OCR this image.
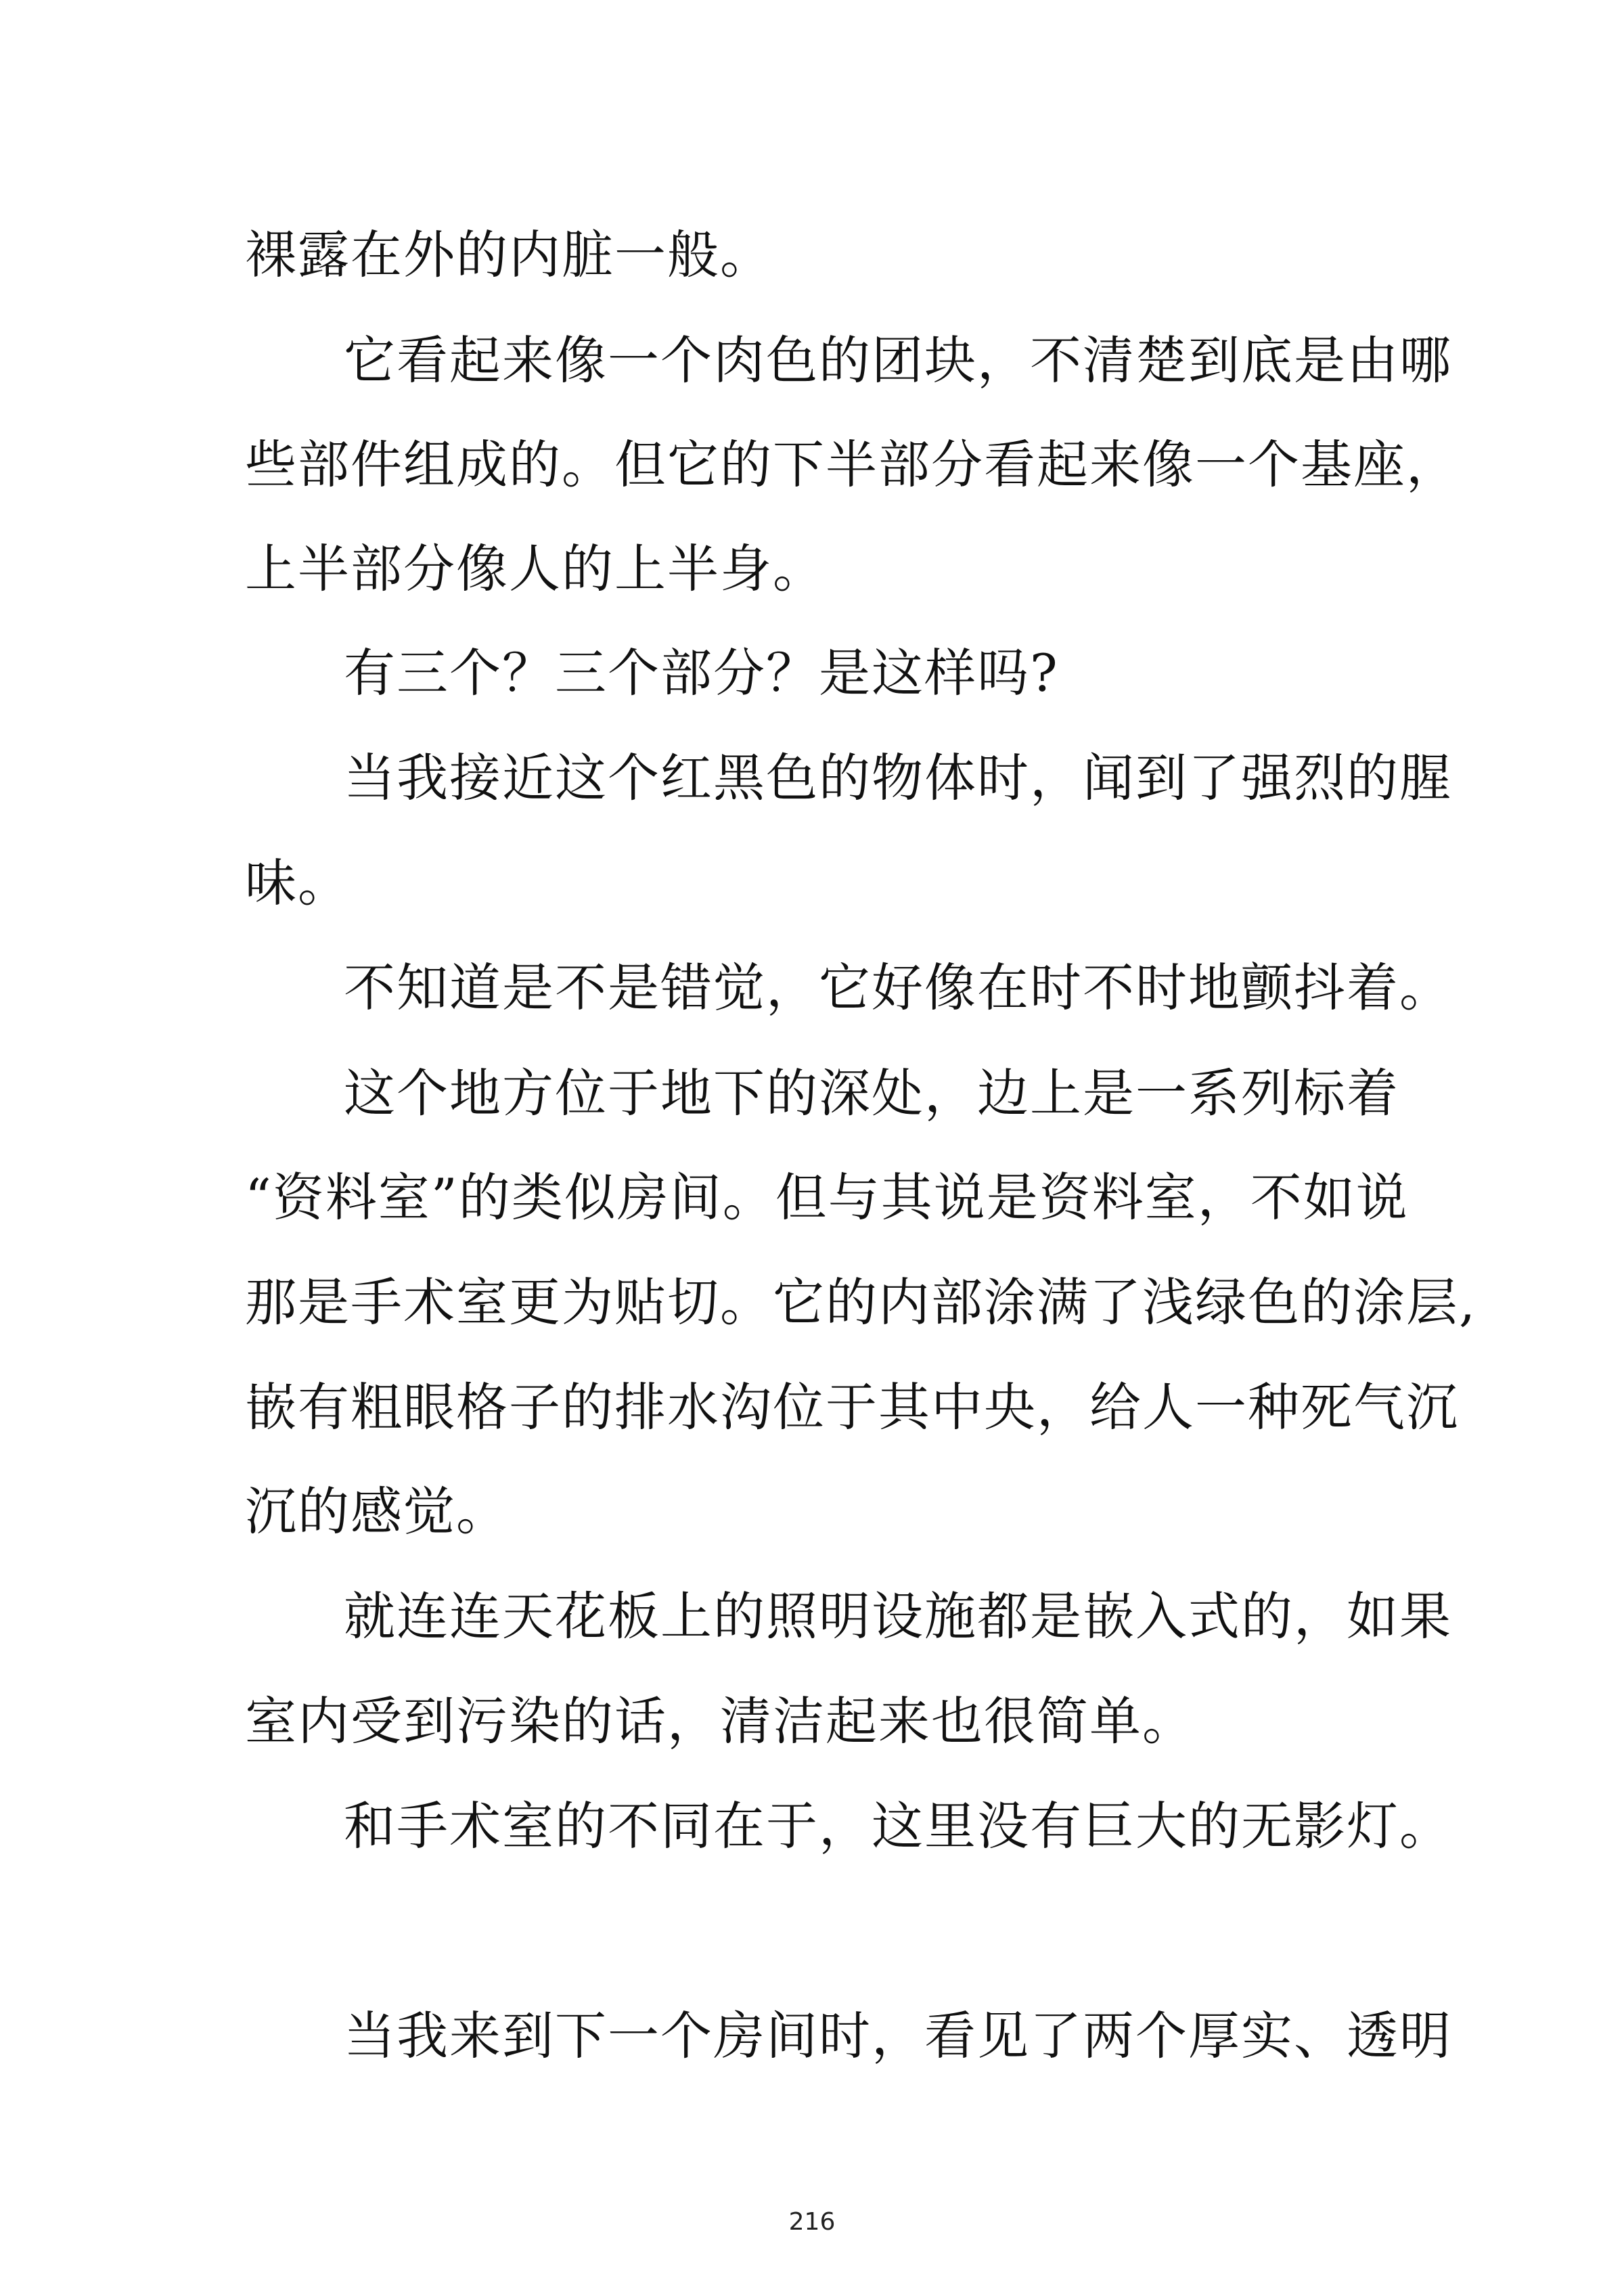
裸露在外的内脏一般。
它看起来像一个肉色的团块，不清楚到底是由哪
些部件组成的。但它的下半部分看起来像一个基座，
上半部分像人的上半身。
有三个？三个部分？是这样吗?
当我接近这个红黑色的物体时，闻到了强烈的腥
味。
不知道是不是错觉，它好像在时不时地颤抖着。
这个地方位于地下的深处，边上是一系列标着
“资料室”的类似房间。但与其说是资料室，不如说
那是手术室更为贴切。它的内部涂满了浅绿色的涂层,
嵌有粗眼格子的排水沟位于其中央，给人一种死气沉
沉的感觉。
就连连天花板上的照明设施都是嵌入式的，如果
室内受到污染的话，清洁起来也很简单。
和手术室的不同在于，这里没有巨大的无影灯。
当我来到下一个房间时，看见了两个厚实、透明
216
